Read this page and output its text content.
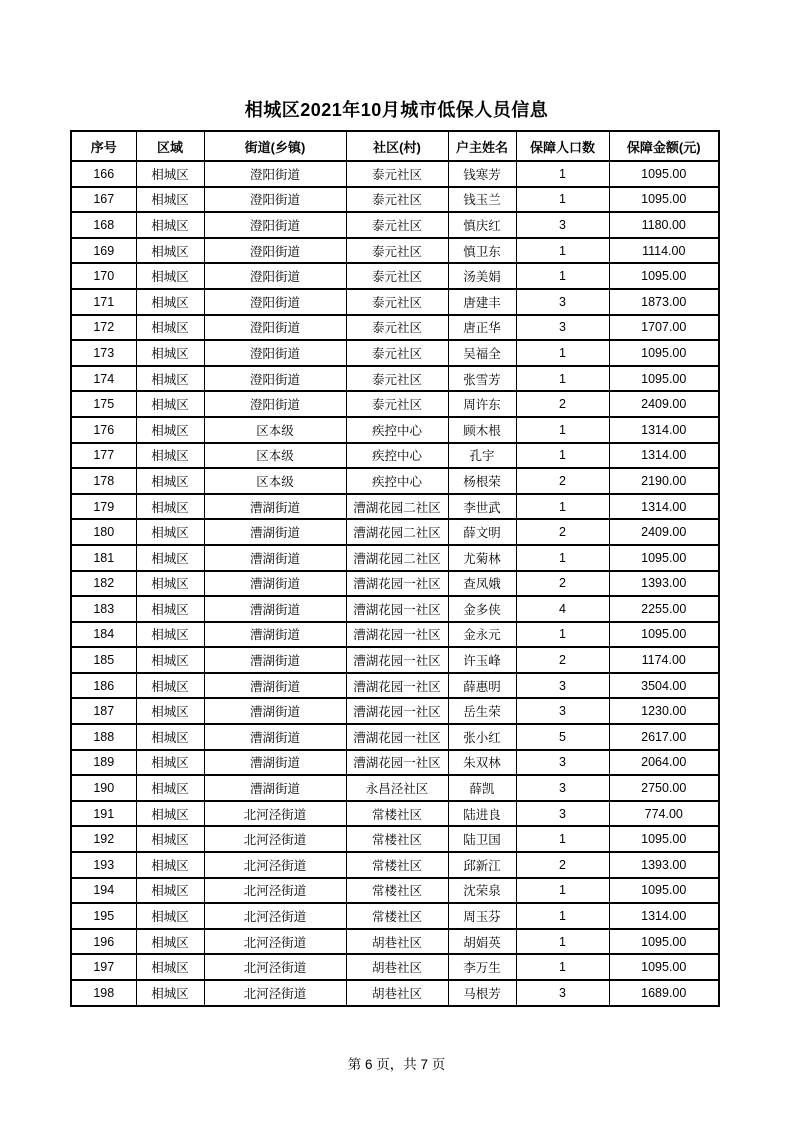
相城区2021年10月城市低保人员信息
序号	区域	街道(乡镇)	社区(村)	户主姓名	保障人口数	保障金额(元)
166	相城区	澄阳街道	泰元社区	钱寒芳	1	1095.00
167	相城区	澄阳街道	泰元社区	钱玉兰	1	1095.00
168	相城区	澄阳街道	泰元社区	慎庆红	3	1180.00
169	相城区	澄阳街道	泰元社区	慎卫东	1	1114.00
170	相城区	澄阳街道	泰元社区	汤美娟	1	1095.00
171	相城区	澄阳街道	泰元社区	唐建丰	3	1873.00
172	相城区	澄阳街道	泰元社区	唐正华	3	1707.00
173	相城区	澄阳街道	泰元社区	吴福全	1	1095.00
174	相城区	澄阳街道	泰元社区	张雪芳	1	1095.00
175	相城区	澄阳街道	泰元社区	周许东	2	2409.00
176	相城区	区本级	疾控中心	顾木根	1	1314.00
177	相城区	区本级	疾控中心	孔宇	1	1314.00
178	相城区	区本级	疾控中心	杨根荣	2	2190.00
179	相城区	漕湖街道	漕湖花园二社区	李世武	1	1314.00
180	相城区	漕湖街道	漕湖花园二社区	薛文明	2	2409.00
181	相城区	漕湖街道	漕湖花园二社区	尤菊林	1	1095.00
182	相城区	漕湖街道	漕湖花园一社区	查凤娥	2	1393.00
183	相城区	漕湖街道	漕湖花园一社区	金多侠	4	2255.00
184	相城区	漕湖街道	漕湖花园一社区	金永元	1	1095.00
185	相城区	漕湖街道	漕湖花园一社区	许玉峰	2	1174.00
186	相城区	漕湖街道	漕湖花园一社区	薛惠明	3	3504.00
187	相城区	漕湖街道	漕湖花园一社区	岳生荣	3	1230.00
188	相城区	漕湖街道	漕湖花园一社区	张小红	5	2617.00
189	相城区	漕湖街道	漕湖花园一社区	朱双林	3	2064.00
190	相城区	漕湖街道	永昌泾社区	薛凯	3	2750.00
191	相城区	北河泾街道	常楼社区	陆进良	3	774.00
192	相城区	北河泾街道	常楼社区	陆卫国	1	1095.00
193	相城区	北河泾街道	常楼社区	邱新江	2	1393.00
194	相城区	北河泾街道	常楼社区	沈荣泉	1	1095.00
195	相城区	北河泾街道	常楼社区	周玉芬	1	1314.00
196	相城区	北河泾街道	胡巷社区	胡娟英	1	1095.00
197	相城区	北河泾街道	胡巷社区	李万生	1	1095.00
198	相城区	北河泾街道	胡巷社区	马根芳	3	1689.00
第 6 页，共 7 页
